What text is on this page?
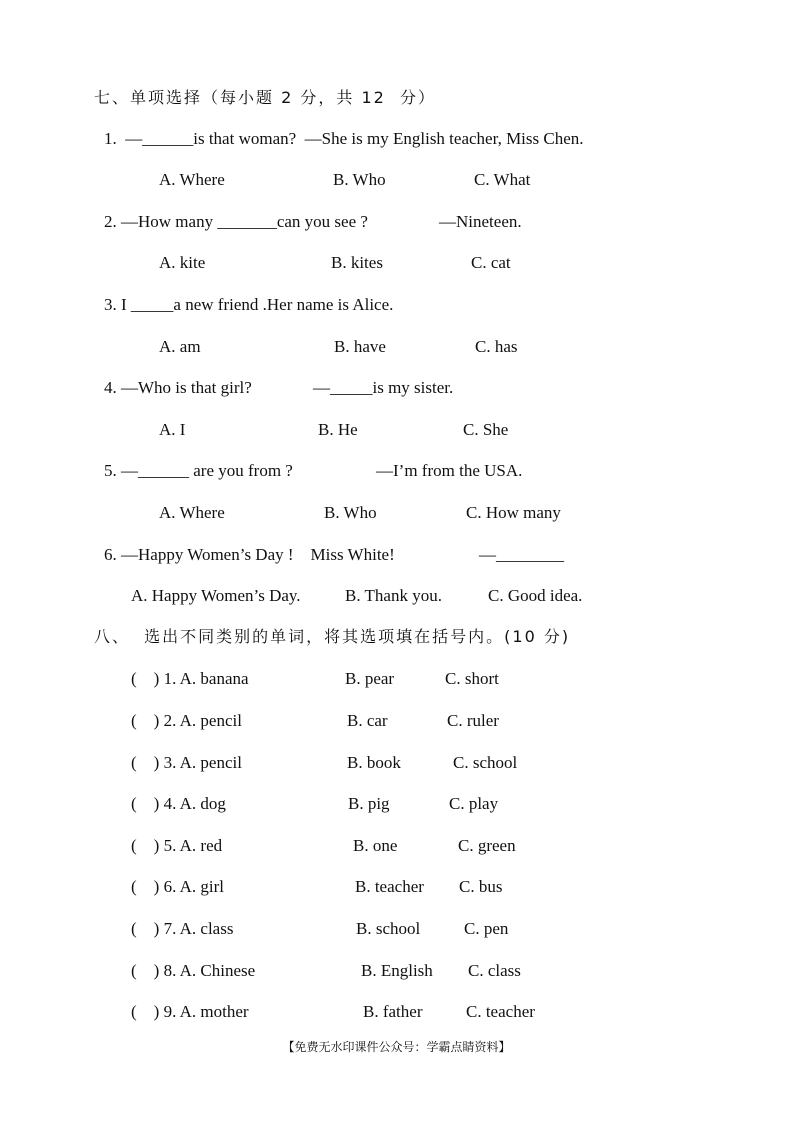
七、单项选择（每小题 2 分，共 12  分）
1.  —______is that woman?  —She is my English teacher, Miss Chen.
A. Where	B. Who	C. What
2. —How many _______can you see ?	—Nineteen.
A. kite	B. kites	C. cat
3. I _____a new friend .Her name is Alice.
A. am	B. have	C. has
4. —Who is that girl?	—_____is my sister.
A. I	B. He	C. She
5. —______ are you from ?	—I’m from the USA.
A. Where	B. Who	C. How many
6. —Happy Women’s Day !    Miss White!	—________
A. Happy Women’s Day.	B. Thank you.	C. Good idea.
八、  选出不同类别的单词，将其选项填在括号内。(10 分)
(    ) 1. A. banana	B. pear	C. short
(    ) 2. A. pencil	B. car	C. ruler
(    ) 3. A. pencil	B. book	C. school
(    ) 4. A. dog	B. pig	C. play
(    ) 5. A. red	B. one	C. green
(    ) 6. A. girl	B. teacher C. bus
(    ) 7. A. class	B. school	C. pen
(    ) 8. A. Chinese	B. English C. class
(    ) 9. A. mother	B. father	C. teacher
【免费无水印课件公众号：学霸点睛资料】
